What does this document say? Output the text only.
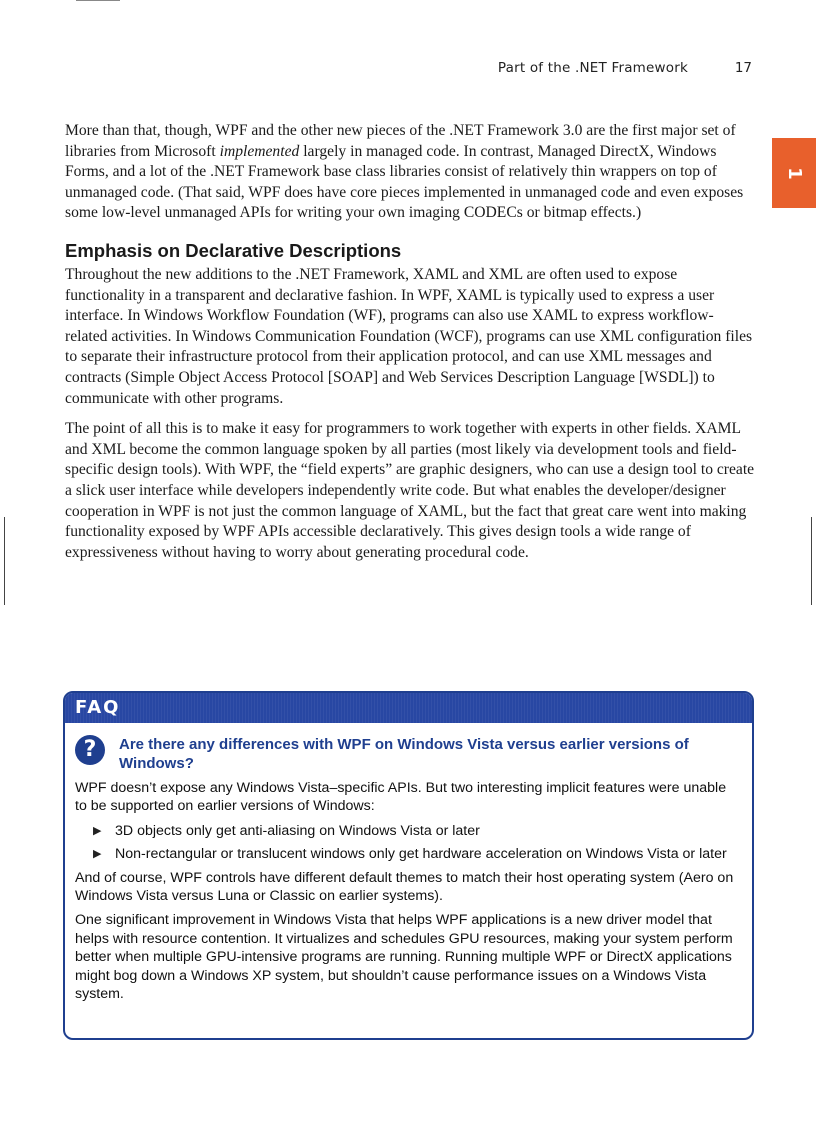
Part of the .NET Framework	17
1

More than that, though, WPF and the other new pieces of the .NET Framework 3.0 are the first major set of libraries from Microsoft implemented largely in managed code. In contrast, Managed DirectX, Windows Forms, and a lot of the .NET Framework base class libraries consist of relatively thin wrappers on top of unmanaged code. (That said, WPF does have core pieces implemented in unmanaged code and even exposes some low-level unmanaged APIs for writing your own imaging CODECs or bitmap effects.)

Emphasis on Declarative Descriptions

Throughout the new additions to the .NET Framework, XAML and XML are often used to expose functionality in a transparent and declarative fashion. In WPF, XAML is typically used to express a user interface. In Windows Workflow Foundation (WF), programs can also use XAML to express workflow-related activities. In Windows Communication Foundation (WCF), programs can use XML configuration files to separate their infrastructure protocol from their application protocol, and can use XML messages and contracts (Simple Object Access Protocol [SOAP] and Web Services Description Language [WSDL]) to communicate with other programs.

The point of all this is to make it easy for programmers to work together with experts in other fields. XAML and XML become the common language spoken by all parties (most likely via development tools and field-specific design tools). With WPF, the “field experts” are graphic designers, who can use a design tool to create a slick user interface while developers independently write code. But what enables the developer/designer cooperation in WPF is not just the common language of XAML, but the fact that great care went into making functionality exposed by WPF APIs accessible declaratively. This gives design tools a wide range of expressiveness without having to worry about generating procedural code.

FAQ
?	Are there any differences with WPF on Windows Vista versus earlier versions of Windows?

WPF doesn’t expose any Windows Vista–specific APIs. But two interesting implicit features were unable to be supported on earlier versions of Windows:

▶ 3D objects only get anti-aliasing on Windows Vista or later
▶ Non-rectangular or translucent windows only get hardware acceleration on Windows Vista or later

And of course, WPF controls have different default themes to match their host operating system (Aero on Windows Vista versus Luna or Classic on earlier systems).

One significant improvement in Windows Vista that helps WPF applications is a new driver model that helps with resource contention. It virtualizes and schedules GPU resources, making your system perform better when multiple GPU-intensive programs are running. Running multiple WPF or DirectX applications might bog down a Windows XP system, but shouldn’t cause performance issues on a Windows Vista system.
